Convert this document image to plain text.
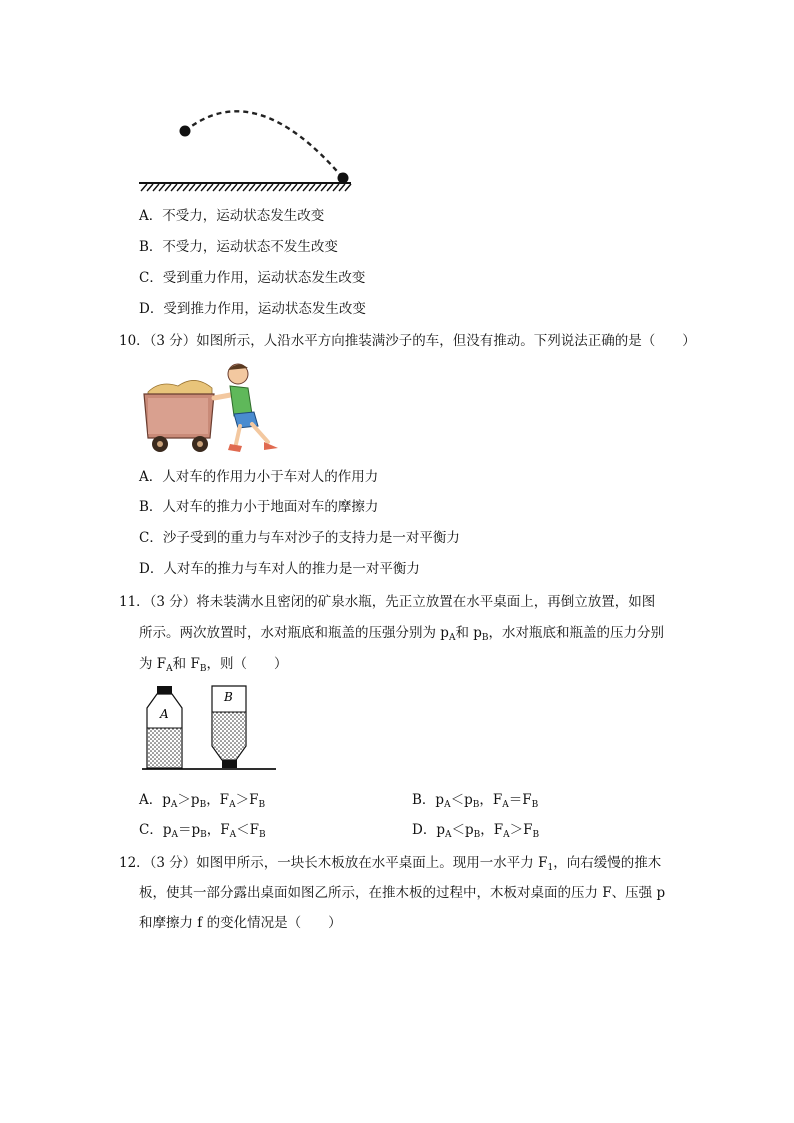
A．不受力，运动状态发生改变
B．不受力，运动状态不发生改变
C．受到重力作用，运动状态发生改变
D．受到推力作用，运动状态发生改变
10．（3 分）如图所示，人沿水平方向推装满沙子的车，但没有推动。下列说法正确的是（　　）
A．人对车的作用力小于车对人的作用力
B．人对车的推力小于地面对车的摩擦力
C．沙子受到的重力与车对沙子的支持力是一对平衡力
D．人对车的推力与车对人的推力是一对平衡力
11．（3 分）将未装满水且密闭的矿泉水瓶，先正立放置在水平桌面上，再倒立放置，如图
所示。两次放置时，水对瓶底和瓶盖的压强分别为 $p_A$和 $p_B$，水对瓶底和瓶盖的压力分别
为 $F_A$和 $F_B$，则（　　）
A
B
A．$p_A>p_B$，$F_A>F_B$	B．$p_A<p_B$，$F_A=F_B$
C．$p_A=p_B$，$F_A<F_B$	D．$p_A<p_B$，$F_A>F_B$
12．（3 分）如图甲所示，一块长木板放在水平桌面上。现用一水平力 $F_1$，向右缓慢的推木
板，使其一部分露出桌面如图乙所示，在推木板的过程中，木板对桌面的压力 F、压强 p
和摩擦力 f 的变化情况是（　　）
